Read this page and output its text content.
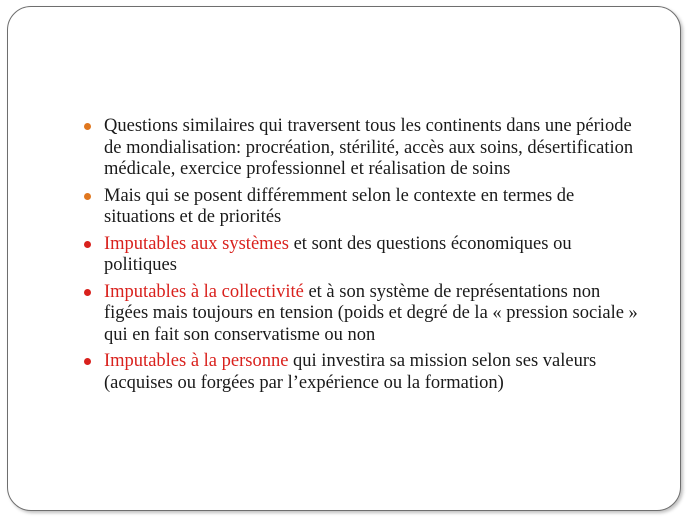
Questions similaires qui traversent tous les continents dans une période de mondialisation: procréation, stérilité, accès aux soins, désertification médicale, exercice professionnel et réalisation de soins
Mais qui se posent différemment selon le contexte en termes de situations et de priorités
Imputables aux systèmes et sont des questions économiques ou politiques
Imputables à la collectivité et à son système de représentations non figées mais toujours en tension (poids et degré de la « pression sociale » qui en fait son conservatisme ou non
Imputables à la personne qui investira sa mission selon ses valeurs (acquises ou forgées par l’expérience ou la formation)
